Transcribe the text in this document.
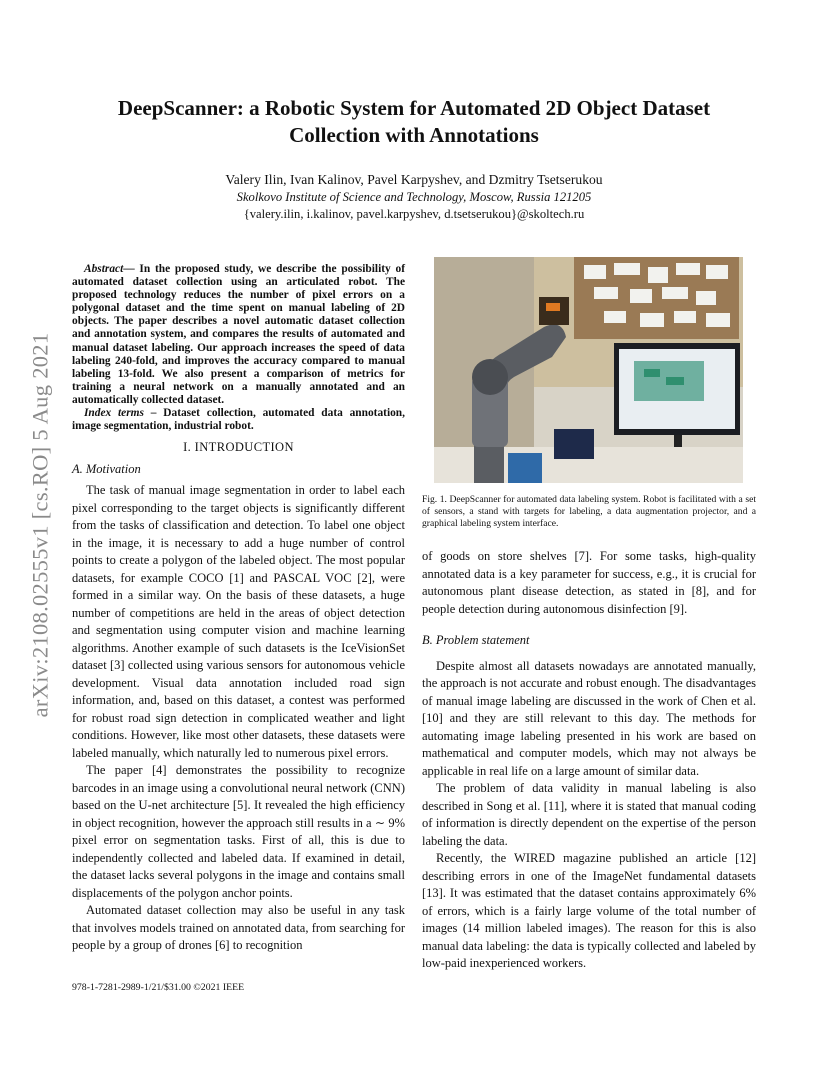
arXiv:2108.02555v1 [cs.RO] 5 Aug 2021
DeepScanner: a Robotic System for Automated 2D Object Dataset
Collection with Annotations
Valery Ilin, Ivan Kalinov, Pavel Karpyshev, and Dzmitry Tsetserukou
Skolkovo Institute of Science and Technology, Moscow, Russia 121205
{valery.ilin, i.kalinov, pavel.karpyshev, d.tsetserukou}@skoltech.ru

Abstract— In the proposed study, we describe the possibility of automated dataset collection using an articulated robot. The proposed technology reduces the number of pixel errors on a polygonal dataset and the time spent on manual labeling of 2D objects. The paper describes a novel automatic dataset collection and annotation system, and compares the results of automated and manual dataset labeling. Our approach increases the speed of data labeling 240-fold, and improves the accuracy compared to manual labeling 13-fold. We also present a comparison of metrics for training a neural network on a manually annotated and an automatically collected dataset.

Index terms – Dataset collection, automated data annotation, image segmentation, industrial robot.

I. INTRODUCTION
A. Motivation

The task of manual image segmentation in order to label each pixel corresponding to the target objects is significantly different from the tasks of classification and detection. To label one object in the image, it is necessary to add a huge number of control points to create a polygon of the labeled object. The most popular datasets, for example COCO [1] and PASCAL VOC [2], were formed in a similar way. On the basis of these datasets, a huge number of competitions are held in the areas of object detection and segmentation using computer vision and machine learning algorithms. Another example of such datasets is the IceVisionSet dataset [3] collected using various sensors for autonomous vehicle development. Visual data annotation included road sign information, and, based on this dataset, a contest was performed for robust road sign detection in complicated weather and light conditions. However, like most other datasets, these datasets were labeled manually, which naturally led to numerous pixel errors.

The paper [4] demonstrates the possibility to recognize barcodes in an image using a convolutional neural network (CNN) based on the U-net architecture [5]. It revealed the high efficiency in object recognition, however the approach still results in a ∼ 9% pixel error on segmentation tasks. First of all, this is due to independently collected and labeled data. If examined in detail, the dataset lacks several polygons in the image and contains small displacements of the polygon anchor points.

Automated dataset collection may also be useful in any task that involves models trained on annotated data, from searching for people by a group of drones [6] to recognition

978-1-7281-2989-1/21/$31.00 ©2021 IEEE

Fig. 1. DeepScanner for automated data labeling system. Robot is facilitated with a set of sensors, a stand with targets for labeling, a data augmentation projector, and a graphical labeling system interface.

of goods on store shelves [7]. For some tasks, high-quality annotated data is a key parameter for success, e.g., it is crucial for autonomous plant disease detection, as stated in [8], and for people detection during autonomous disinfection [9].

B. Problem statement

Despite almost all datasets nowadays are annotated manually, the approach is not accurate and robust enough. The disadvantages of manual image labeling are discussed in the work of Chen et al. [10] and they are still relevant to this day. The methods for automating image labeling presented in his work are based on mathematical and computer models, which may not always be applicable in real life on a large amount of similar data.

The problem of data validity in manual labeling is also described in Song et al. [11], where it is stated that manual coding of information is directly dependent on the expertise of the person labeling the data.

Recently, the WIRED magazine published an article [12] describing errors in one of the ImageNet fundamental datasets [13]. It was estimated that the dataset contains approximately 6% of errors, which is a fairly large volume of the total number of images (14 million labeled images). The reason for this is also manual data labeling: the data is typically collected and labeled by low-paid inexperienced workers.
